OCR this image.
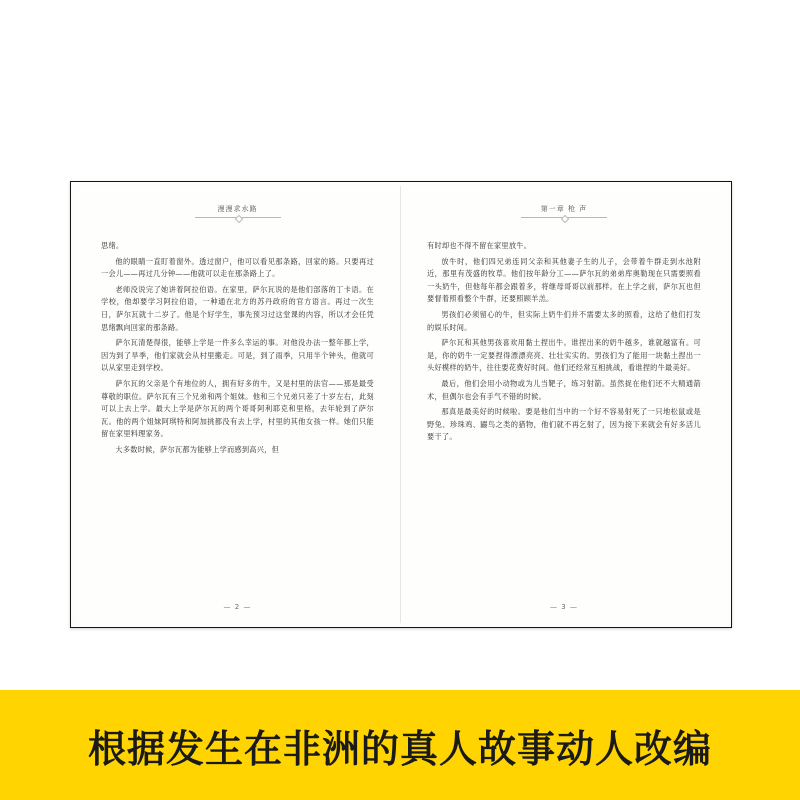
漫漫求水路

思绪。

他的眼睛一直盯着窗外。透过窗户，他可以看见那条路，回家的路。只要再过一会儿——再过几分钟——他就可以走在那条路上了。

老师没说完了她讲着阿拉伯语。在家里，萨尔瓦说的是他们部落的丁卡语。在学校，他却要学习阿拉伯语，一种通在北方的苏丹政府的官方语言。再过一次生日，萨尔瓦就十二岁了。他是个好学生，事先预习过这堂课的内容，所以才会任凭思绪飘向回家的那条路。

萨尔瓦清楚得很，能够上学是一件多么幸运的事。对他没办法一整年都上学，因为到了旱季，他们家就会从村里搬走。可是，到了雨季，只用半个钟头，他就可以从家里走到学校。

萨尔瓦的父亲是个有地位的人，拥有好多的牛，又是村里的法官——那是最受尊敬的职位。萨尔瓦有三个兄弟和两个姐妹。他和三个兄弟只差了十岁左右，此刻可以上去上学。最大上学是萨尔瓦的两个哥哥阿利耶克和里格，去年轮到了萨尔瓦。他的两个姐妹阿琪特和阿加挑都没有去上学，村里的其他女孩一样。她们只能留在家里料理家务。

大多数时候，萨尔瓦都为能够上学而感到高兴，但

— 2 —
第一章 枪 声

有时却也不得不留在家里放牛。

放牛时，他们四兄弟连同父亲和其他妻子生的儿子，会带着牛群走到水池附近，那里有茂盛的牧草。他们按年龄分工——萨尔瓦的弟弟库奥勒现在只需要照看一头奶牛，但他每年都会跟着多，将继母哥哥以前那样。在上学之前，萨尔瓦也但要督着照看整个牛群，还要照顾羊羔。

男孩们必须留心的牛，但实际上奶牛们并不需要太多的照看，这给了他们打发的娱乐时间。

萨尔瓦和其他男孩喜欢用黏土捏出牛。谁捏出来的奶牛越多，谁就越富有。可是，你的奶牛一定要捏得漂漂亮亮、壮壮实实的。男孩们为了能用一块黏土捏出一头好模样的奶牛，往往要花费好时间。他们还经常互相挑战，看谁捏的牛最美好。

最后，他们会用小动物或为儿当靶子，练习射箭。虽然捉在他们还不大精通箭术，但偶尔也会有手气不错的时候。

那真是最美好的时候啦。要是他们当中的一个好不容易射死了一只地松鼠或是野兔、珍珠鸡、鼹鸟之类的猎物，他们就不再乞射了，因为接下来就会有好多活儿要干了。

— 3 —
根据发生在非洲的真人故事动人改编
